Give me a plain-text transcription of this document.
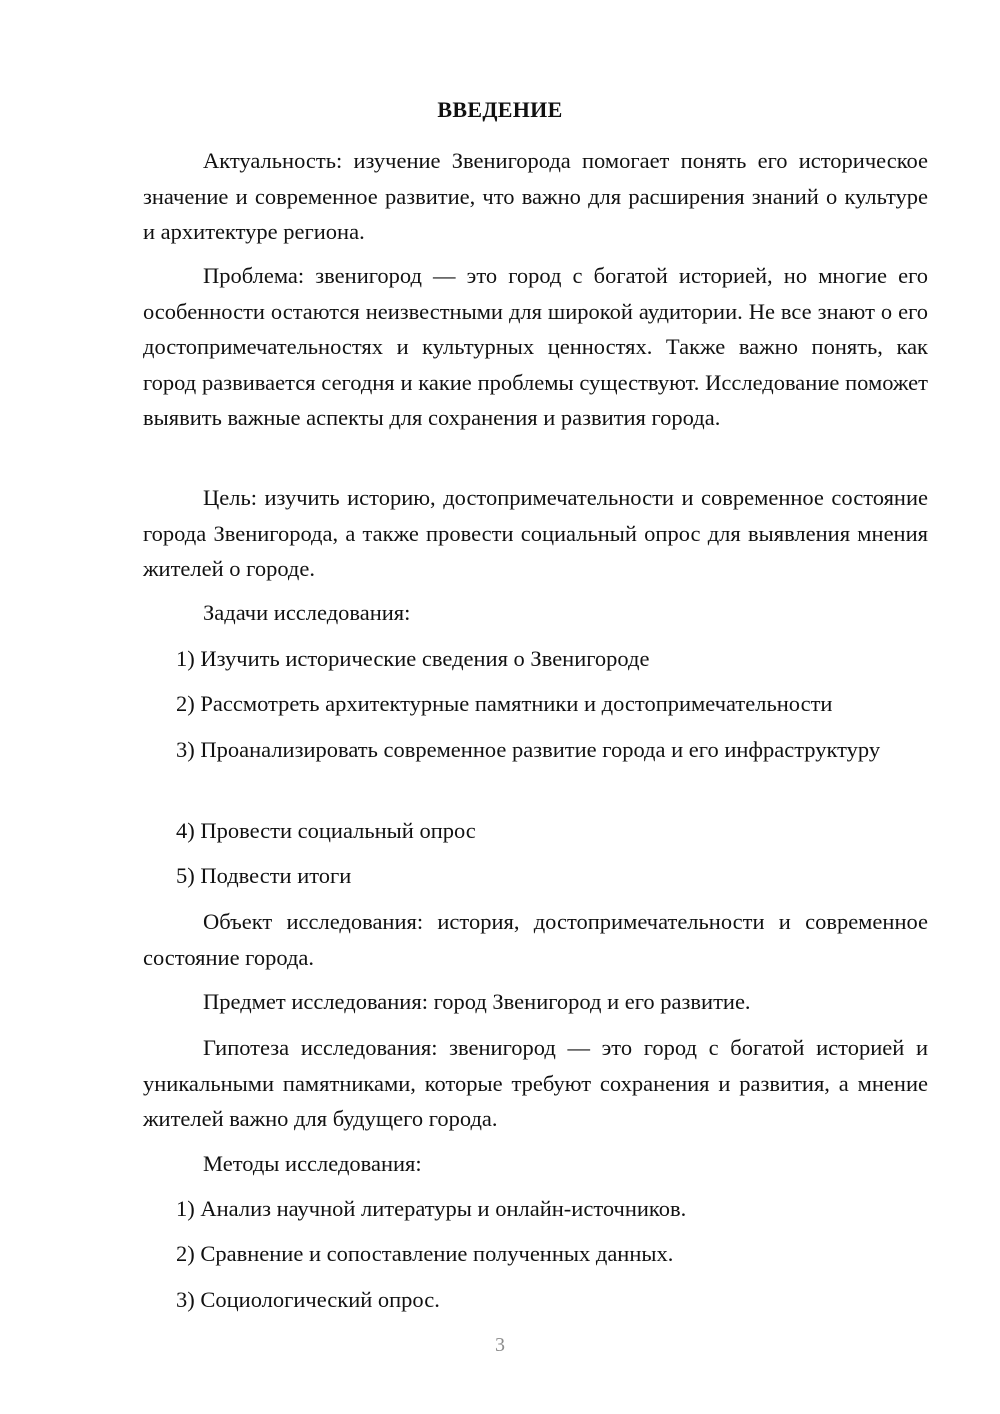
ВВЕДЕНИЕ
Актуальность: изучение Звенигорода помогает понять его историческое значение и современное развитие, что важно для расширения знаний о культуре и архитектуре региона.
Проблема: звенигород — это город с богатой историей, но многие его особенности остаются неизвестными для широкой аудитории. Не все знают о его достопримечательностях и культурных ценностях. Также важно понять, как город развивается сегодня и какие проблемы существуют. Исследование поможет выявить важные аспекты для сохранения и развития города.
Цель: изучить историю, достопримечательности и современное состояние города Звенигорода, а также провести социальный опрос для выявления мнения жителей о городе.
Задачи исследования:
1) Изучить исторические сведения о Звенигороде
2) Рассмотреть архитектурные памятники и достопримечательности
3) Проанализировать современное развитие города и его инфраструктуру
4) Провести социальный опрос
5) Подвести итоги
Объект исследования: история, достопримечательности и современное состояние города.
Предмет исследования: город Звенигород и его развитие.
Гипотеза исследования: звенигород — это город с богатой историей и уникальными памятниками, которые требуют сохранения и развития, а мнение жителей важно для будущего города.
Методы исследования:
1) Анализ научной литературы и онлайн-источников.
2) Сравнение и сопоставление полученных данных.
3) Социологический опрос.
3
